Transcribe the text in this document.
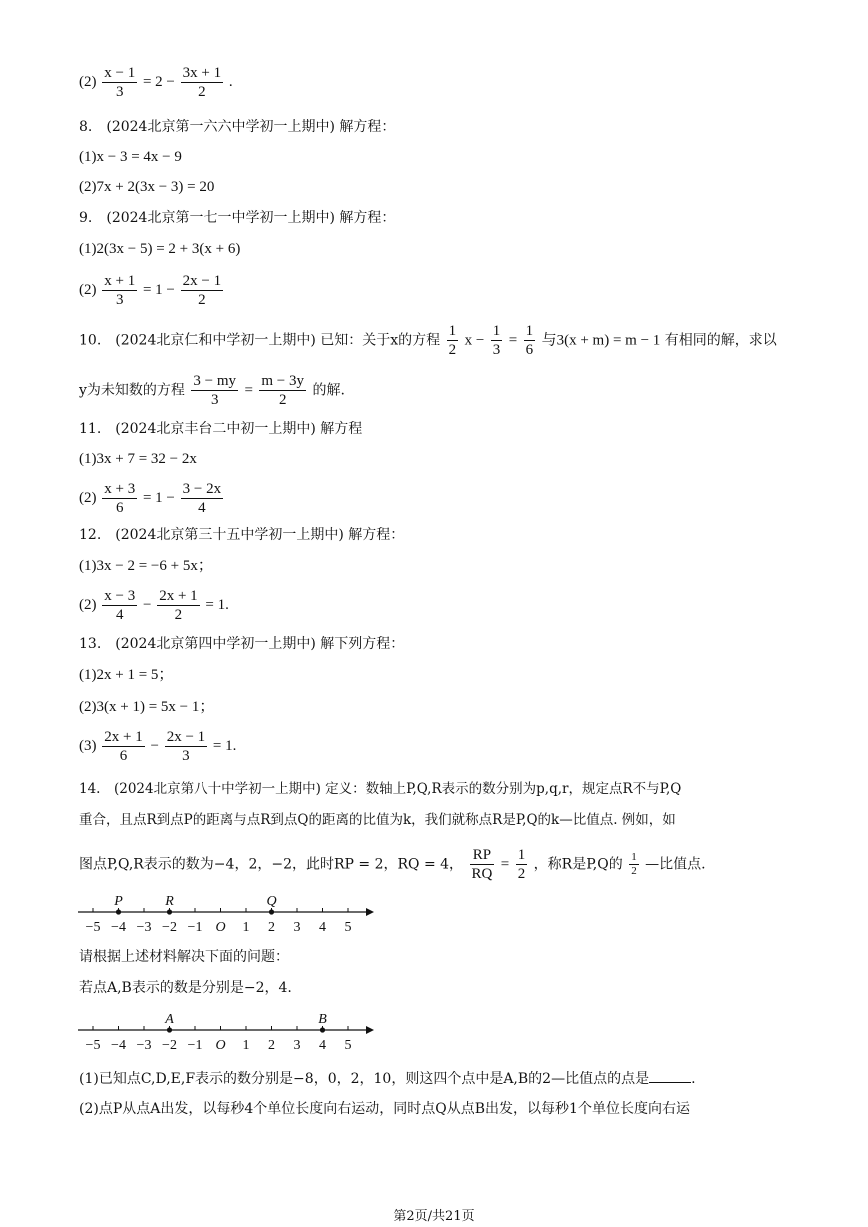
$(2) \frac{x - 1}{3} = 2 - \frac{3x + 1}{2}$ .
8.　(2024北京第一六六中学初一上期中) 解方程：
(1)x − 3 = 4x − 9
(2)7x + 2(3x − 3) = 20
9.　(2024北京第一七一中学初一上期中) 解方程：
(1)2(3x − 5) = 2 + 3(x + 6)
$(2) \frac{x + 1}{3} = 1 - \frac{2x - 1}{2}$
10.　(2024北京仁和中学初一上期中) 已知：关于x的方程 $\frac{1}{2}$ $x - \frac{1}{3} = \frac{1}{6}$ 与3(x + m) = m − 1 有相同的解，求以
y为未知数的方程 $\frac{3 - my}{3} = \frac{m - 3y}{2}$ 的解.
11.　(2024北京丰台二中初一上期中) 解方程
(1)3x + 7 = 32 − 2x
$(2) \frac{x + 3}{6} = 1 - \frac{3 - 2x}{4}$
12.　(2024北京第三十五中学初一上期中) 解方程：
(1)3x − 2 = −6 + 5x；
$(2) \frac{x - 3}{4} - \frac{2x + 1}{2} = 1$.
13.　(2024北京第四中学初一上期中) 解下列方程：
(1)2x + 1 = 5；
(2)3(x + 1) = 5x − 1；
$(3) \frac{2x + 1}{6} - \frac{2x - 1}{3} = 1$.
14.　(2024北京第八十中学初一上期中) 定义：数轴上P,Q,R表示的数分别为p,q,r，规定点R不与P,Q
重合，且点R到点P的距离与点R到点Q的距离的比值为k，我们就称点R是P,Q的k—比值点. 例如，如
图点P,Q,R表示的数为−4，2，−2，此时RP = 2，RQ = 4， $\frac{RP}{RQ} = \frac{1}{2}$ ，称R是P,Q的 $\frac{1}{2}$ —比值点.
−5 −4 −3 −2 −1 O 1 2 3 4 5
P	R	Q
请根据上述材料解决下面的问题：
若点A,B表示的数是分别是−2，4.
−5 −4 −3 −2 −1 O 1 2 3 4 5
A	B
(1)已知点C,D,E,F表示的数分别是−8，0，2，10，则这四个点中是A,B的2—比值点的点是	.
(2)点P从点A出发，以每秒4个单位长度向右运动，同时点Q从点B出发，以每秒1个单位长度向右运
第2页/共21页
